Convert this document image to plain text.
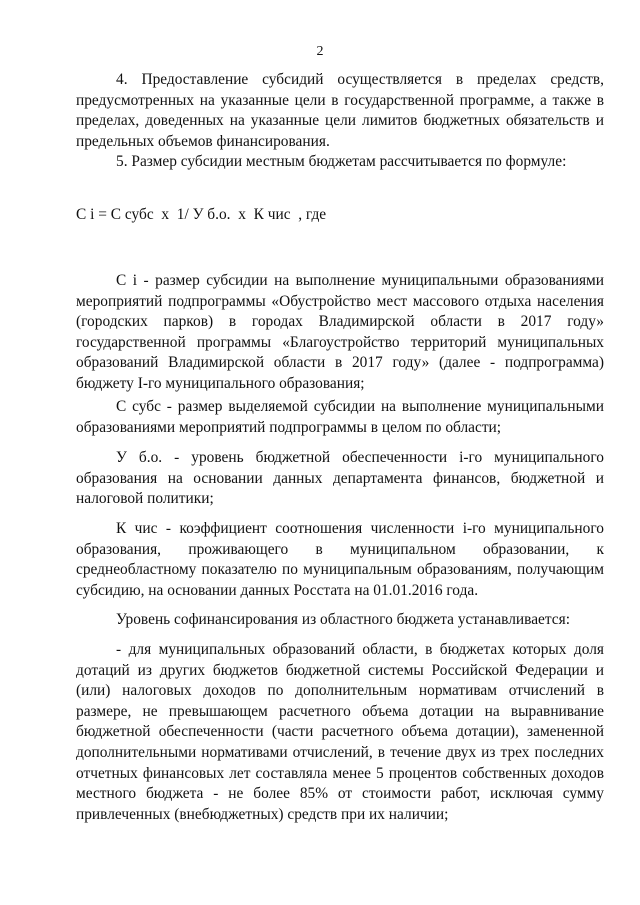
2

4. Предоставление субсидий осуществляется в пределах средств, предусмотренных на указанные цели в государственной программе, а также в пределах, доведенных на указанные цели лимитов бюджетных обязательств и предельных объемов финансирования.

5. Размер субсидии местным бюджетам рассчитывается по формуле:

С i = С субс  х  1/ У б.о.  х  К чис  , где

С i - размер субсидии на выполнение муниципальными образованиями мероприятий подпрограммы «Обустройство мест массового отдыха населения (городских парков) в городах Владимирской области в 2017 году» государственной программы «Благоустройство территорий муниципальных образований Владимирской области в 2017 году» (далее - подпрограмма) бюджету I-го муниципального образования;

С субс - размер выделяемой субсидии на выполнение муниципальными образованиями мероприятий подпрограммы в целом по области;

У б.о. - уровень бюджетной обеспеченности i-го муниципального образования на основании данных департамента финансов, бюджетной и налоговой политики;

К чис - коэффициент соотношения численности i-го муниципального образования, проживающего в муниципальном образовании, к среднеобластному показателю по муниципальным образованиям, получающим субсидию, на основании данных Росстата на 01.01.2016 года.

Уровень софинансирования из областного бюджета устанавливается:

- для муниципальных образований области, в бюджетах которых доля дотаций из других бюджетов бюджетной системы Российской Федерации и (или) налоговых доходов по дополнительным нормативам отчислений в размере, не превышающем расчетного объема дотации на выравнивание бюджетной обеспеченности (части расчетного объема дотации), замененной дополнительными нормативами отчислений, в течение двух из трех последних отчетных финансовых лет составляла менее 5 процентов собственных доходов местного бюджета - не более 85% от стоимости работ, исключая сумму привлеченных (внебюджетных) средств при их наличии;
